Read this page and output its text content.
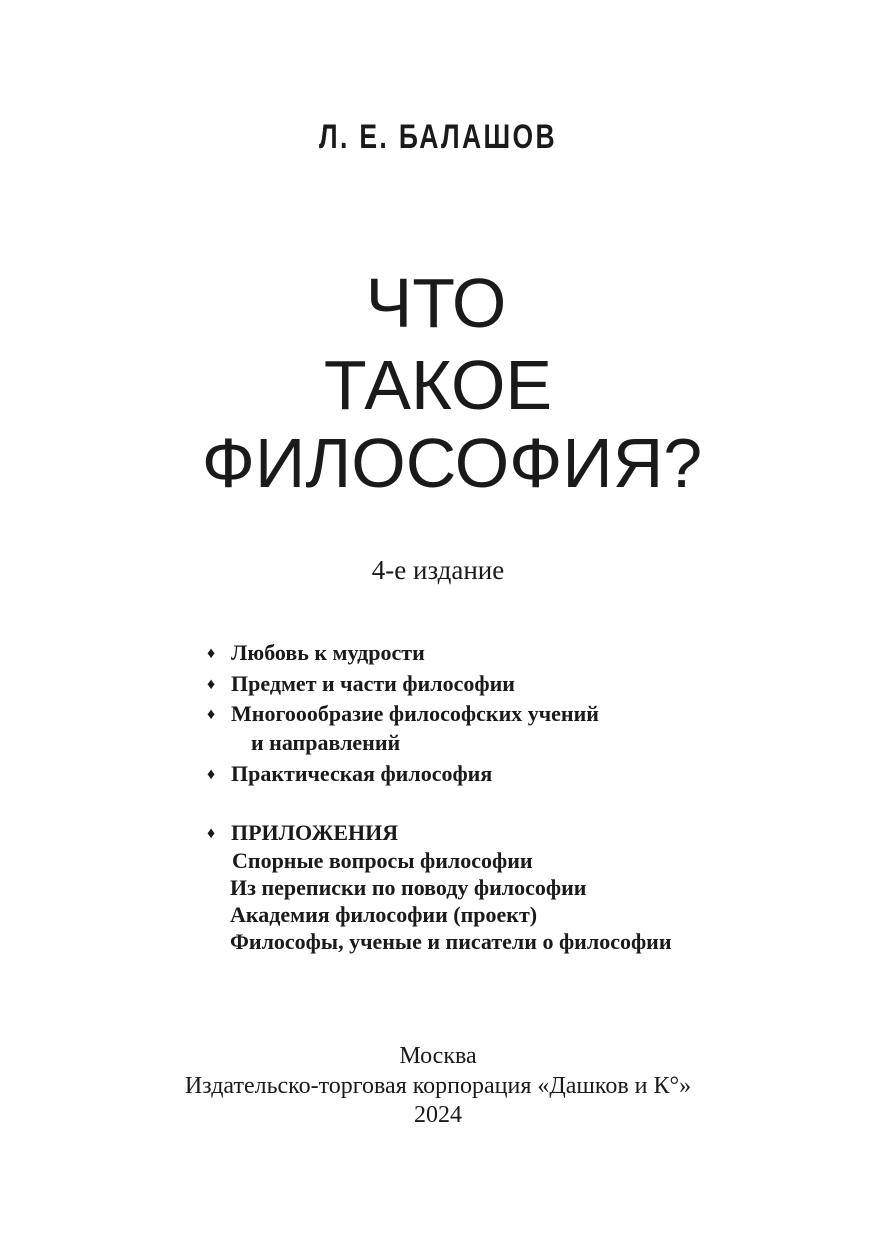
Л. Е. БАЛАШОВ
ЧТО
ТАКОЕ
ФИЛОСОФИЯ?
4-е издание
♦ Любовь к мудрости
♦ Предмет и части философии
♦ Многоообразие философских учений
и направлений
♦ Практическая философия
♦ ПРИЛОЖЕНИЯ
Спорные вопросы философии
Из переписки по поводу философии
Академия философии (проект)
Философы, ученые и писатели о философии
Москва
Издательско-торговая корпорация «Дашков и К°»
2024
